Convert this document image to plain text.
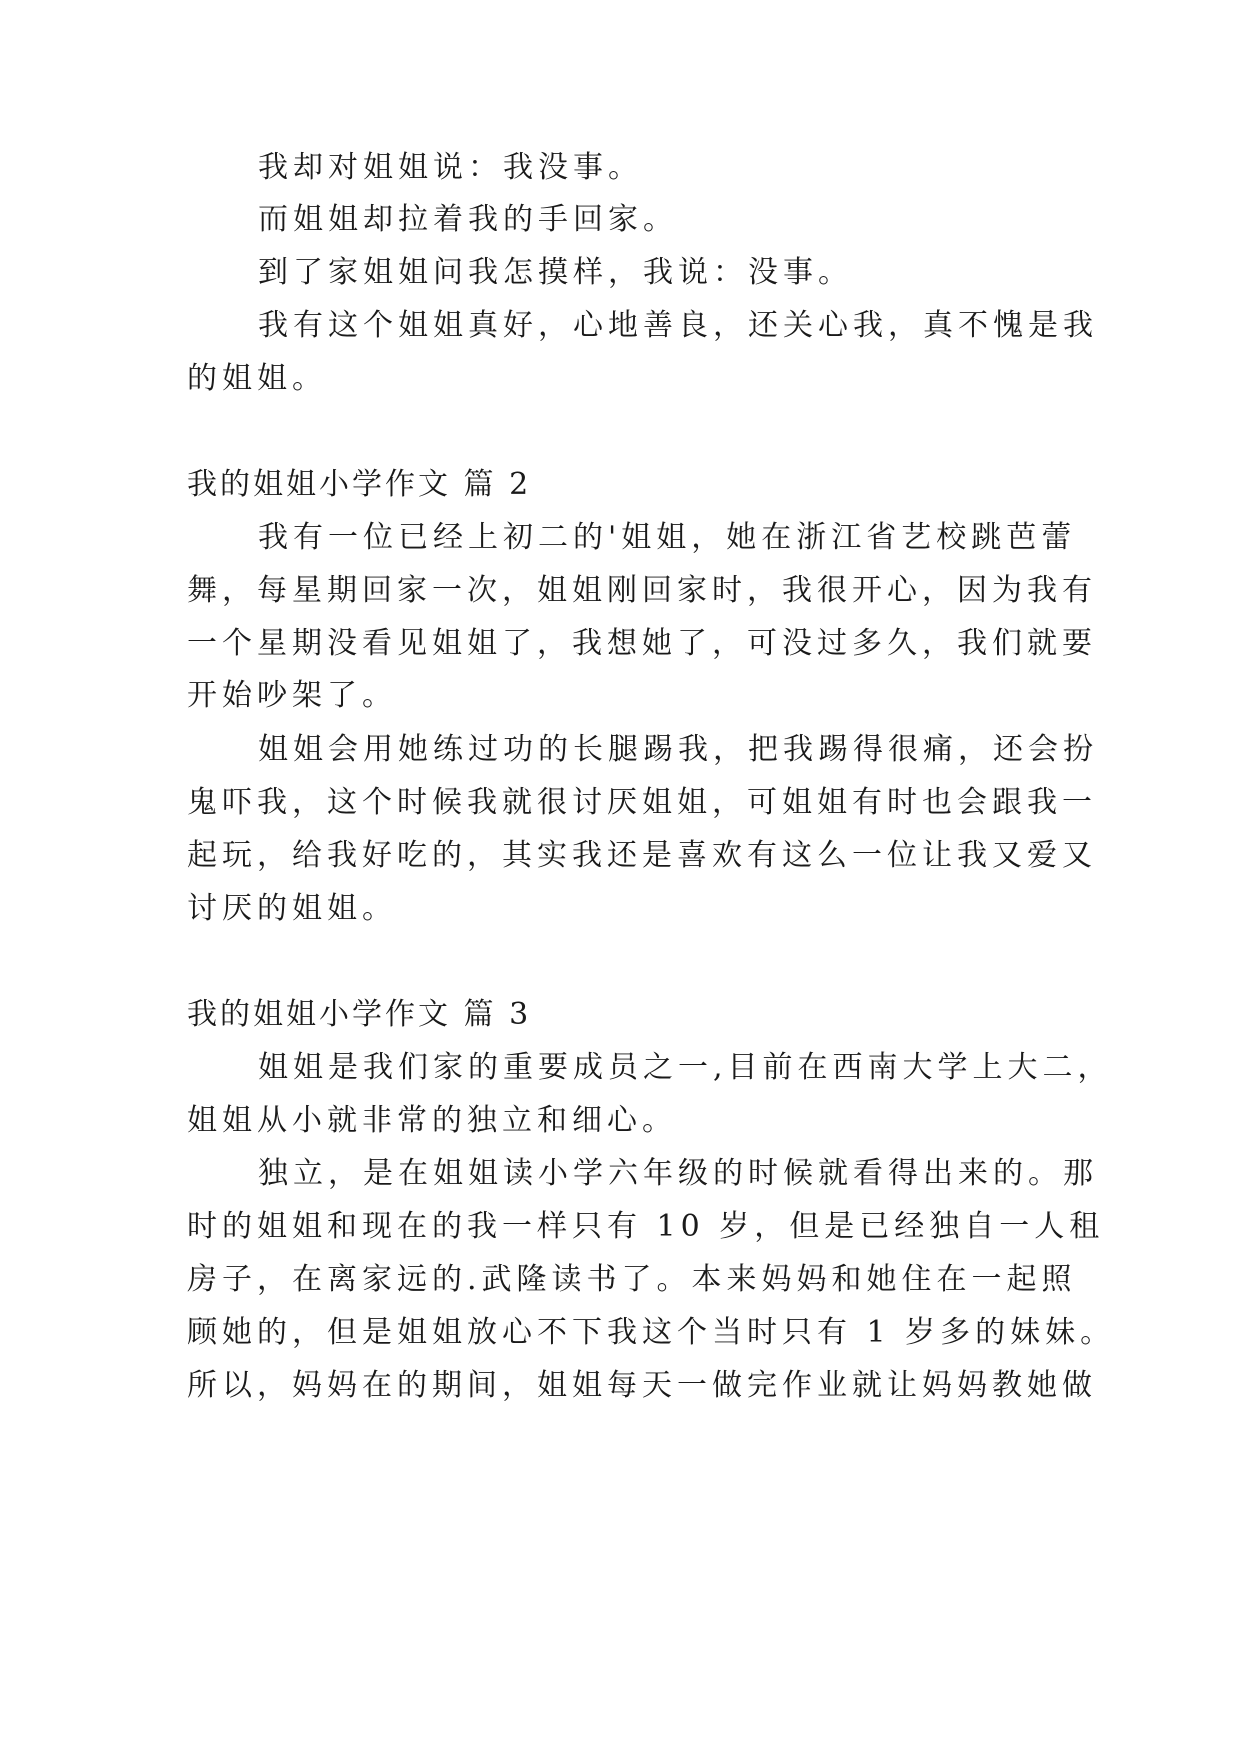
我却对姐姐说：我没事。
而姐姐却拉着我的手回家。
到了家姐姐问我怎摸样，我说：没事。
我有这个姐姐真好，心地善良，还关心我，真不愧是我
的姐姐。
我的姐姐小学作文 篇 2
我有一位已经上初二的'姐姐，她在浙江省艺校跳芭蕾
舞，每星期回家一次，姐姐刚回家时，我很开心，因为我有
一个星期没看见姐姐了，我想她了，可没过多久，我们就要
开始吵架了。
姐姐会用她练过功的长腿踢我，把我踢得很痛，还会扮
鬼吓我，这个时候我就很讨厌姐姐，可姐姐有时也会跟我一
起玩，给我好吃的，其实我还是喜欢有这么一位让我又爱又
讨厌的姐姐。
我的姐姐小学作文 篇 3
姐姐是我们家的重要成员之一,目前在西南大学上大二，
姐姐从小就非常的独立和细心。
独立，是在姐姐读小学六年级的时候就看得出来的。那
时的姐姐和现在的我一样只有 10 岁，但是已经独自一人租
房子，在离家远的.武隆读书了。本来妈妈和她住在一起照
顾她的，但是姐姐放心不下我这个当时只有 1 岁多的妹妹。
所以，妈妈在的期间，姐姐每天一做完作业就让妈妈教她做
